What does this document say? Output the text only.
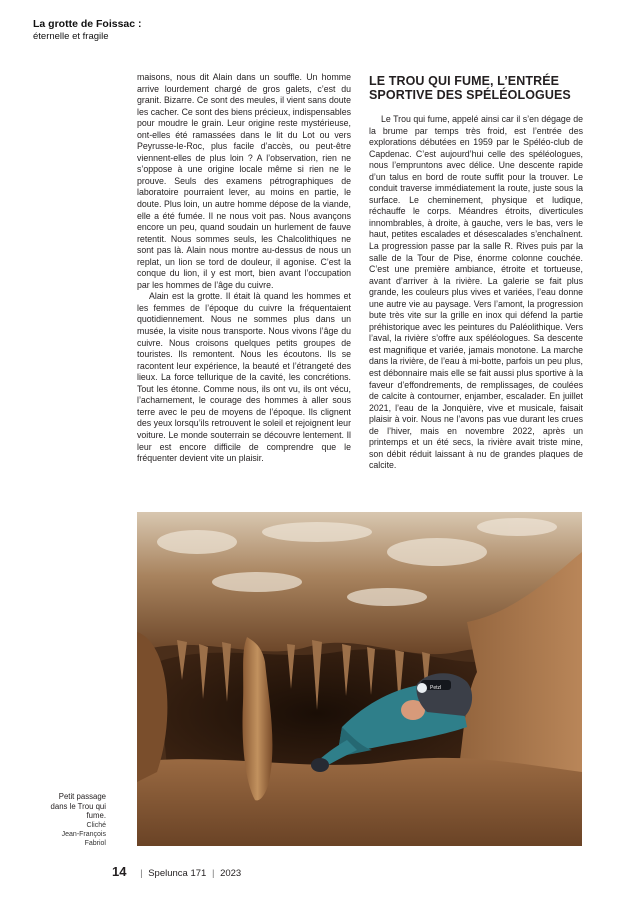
La grotte de Foissac :
éternelle et fragile

maisons, nous dit Alain dans un souffle. Un homme arrive lourdement chargé de gros galets, c’est du granit. Bizarre. Ce sont des meules, il vient sans doute les cacher. Ce sont des biens précieux, indispensables pour moudre le grain. Leur origine reste mystérieuse, ont-elles été ramassées dans le lit du Lot ou vers Peyrusse-le-Roc, plus facile d’accès, ou peut-être viennent-elles de plus loin ? A l’observation, rien ne s’oppose à une origine locale même si rien ne le prouve. Seuls des examens pétrographiques de laboratoire pourraient lever, au moins en partie, le doute. Plus loin, un autre homme dépose de la viande, elle a été fumée. Il ne nous voit pas. Nous avançons encore un peu, quand soudain un hurlement de fauve retentit. Nous sommes seuls, les Chalcolithiques ne sont pas là. Alain nous montre au-dessus de nous un replat, un lion se tord de douleur, il agonise. C’est la conque du lion, il y est mort, bien avant l’occupation par les hommes de l’âge du cuivre.

Alain est la grotte. Il était là quand les hommes et les femmes de l’époque du cuivre la fréquentaient quotidiennement. Nous ne sommes plus dans un musée, la visite nous transporte. Nous vivons l’âge du cuivre. Nous croisons quelques petits groupes de touristes. Ils remontent. Nous les écoutons. Ils se racontent leur expérience, la beauté et l’étrangeté des lieux. La force tellurique de la cavité, les concrétions. Tout les étonne. Comme nous, ils ont vu, ils ont vécu, l’acharnement, le courage des hommes à aller sous terre avec le peu de moyens de l’époque. Ils clignent des yeux lorsqu’ils retrouvent le soleil et rejoignent leur voiture. Le monde souterrain se découvre lentement. Il leur est encore difficile de comprendre que le fréquenter devient vite un plaisir.

LE TROU QUI FUME, L’ENTRÉE SPORTIVE DES SPÉLÉOLOGUES

Le Trou qui fume, appelé ainsi car il s’en dégage de la brume par temps très froid, est l’entrée des explorations débutées en 1959 par le Spéléo-club de Capdenac. C’est aujourd’hui celle des spéléologues, nous l’empruntons avec délice. Une descente rapide d’un talus en bord de route suffit pour la trouver. Le conduit traverse immédiatement la route, juste sous la surface. Le cheminement, physique et ludique, réchauffe le corps. Méandres étroits, diverticules innombrables, à droite, à gauche, vers le bas, vers le haut, petites escalades et désescalades s’enchaînent. La progression passe par la salle R. Rives puis par la salle de la Tour de Pise, énorme colonne couchée. C’est une première ambiance, étroite et tortueuse, avant d’arriver à la rivière. La galerie se fait plus grande, les couleurs plus vives et variées, l’eau donne une autre vie au paysage. Vers l’amont, la progression bute très vite sur la grille en inox qui défend la partie préhistorique avec les peintures du Paléolithique. Vers l’aval, la rivière s’offre aux spéléologues. Sa descente est magnifique et variée, jamais monotone. La marche dans la rivière, de l’eau à mi-botte, parfois un peu plus, est débonnaire mais elle se fait aussi plus sportive à la faveur d’effondrements, de remplissages, de coulées de calcite à contourner, enjamber, escalader. En juillet 2021, l’eau de la Jonquière, vive et musicale, faisait plaisir à voir. Nous ne l’avons pas vue durant les crues de l’hiver, mais en novembre 2022, après un printemps et un été secs, la rivière avait triste mine, son débit réduit laissant à nu de grandes plaques de calcite.

Petzl
Petit passage dans le Trou qui fume.
Cliché
Jean-François Fabriol
14 | Spelunca 171 | 2023
